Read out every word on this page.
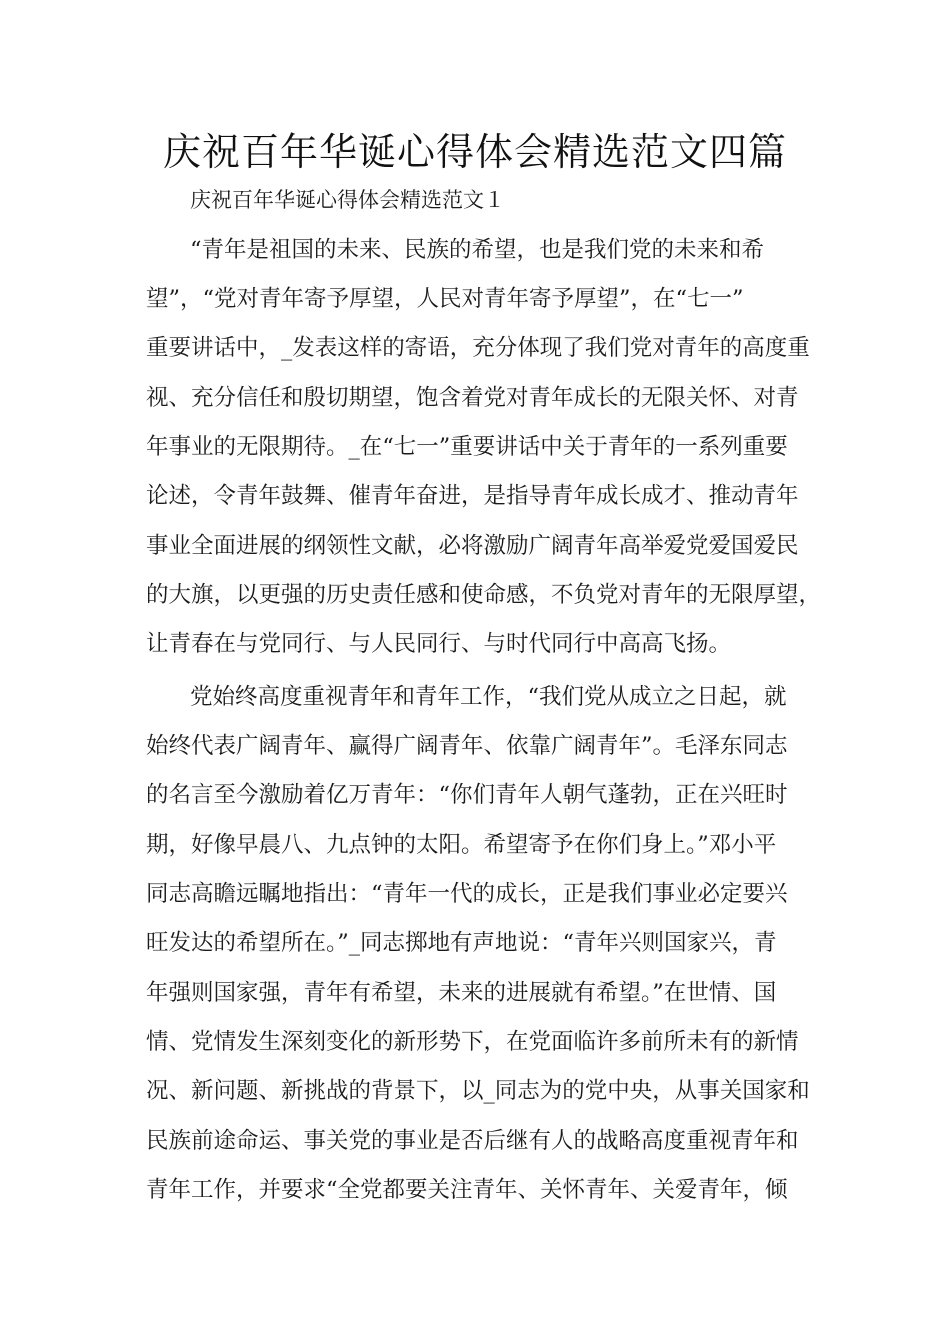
庆祝百年华诞心得体会精选范文四篇

庆祝百年华诞心得体会精选范文１

“青年是祖国的未来、民族的希望，也是我们党的未来和希

望”，“党对青年寄予厚望，人民对青年寄予厚望”，在“七一”

重要讲话中，_发表这样的寄语，充分体现了我们党对青年的高度重

视、充分信任和殷切期望，饱含着党对青年成长的无限关怀、对青

年事业的无限期待。_在“七一”重要讲话中关于青年的一系列重要

论述，令青年鼓舞、催青年奋进，是指导青年成长成才、推动青年

事业全面进展的纲领性文献，必将激励广阔青年高举爱党爱国爱民

的大旗，以更强的历史责任感和使命感，不负党对青年的无限厚望，

让青春在与党同行、与人民同行、与时代同行中高高飞扬。

党始终高度重视青年和青年工作，“我们党从成立之日起，就

始终代表广阔青年、赢得广阔青年、依靠广阔青年”。毛泽东同志

的名言至今激励着亿万青年：“你们青年人朝气蓬勃，正在兴旺时

期，好像早晨八、九点钟的太阳。希望寄予在你们身上。”邓小平

同志高瞻远瞩地指出：“青年一代的成长，正是我们事业必定要兴

旺发达的希望所在。”_同志掷地有声地说：“青年兴则国家兴，青

年强则国家强，青年有希望，未来的进展就有希望。”在世情、国

情、党情发生深刻变化的新形势下，在党面临许多前所未有的新情

况、新问题、新挑战的背景下，以_同志为的党中央，从事关国家和

民族前途命运、事关党的事业是否后继有人的战略高度重视青年和

青年工作，并要求“全党都要关注青年、关怀青年、关爱青年，倾
